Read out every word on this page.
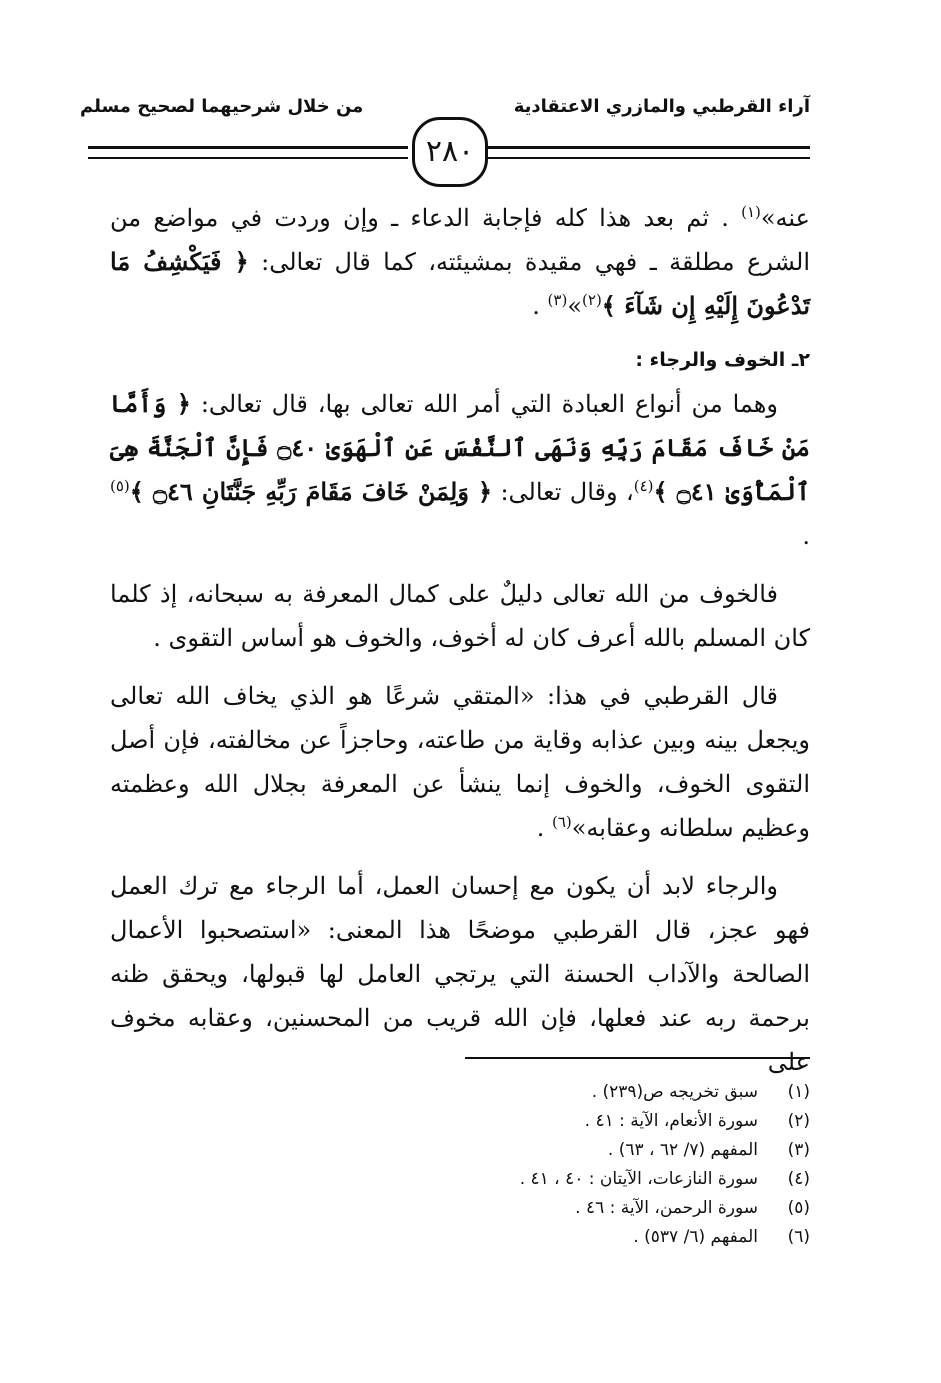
آراء القرطبي والمازري الاعتقادية
من خلال شرحيهما لصحيح مسلم
٢٨٠

عنه»$^{(١)}$ . ثم بعد هذا كله فإجابة الدعاء ـ وإن وردت في مواضع من الشرع مطلقة ـ فهي مقيدة بمشيئته، كما قال تعالى: ﴿ فَيَكْشِفُ مَا تَدْعُونَ إِلَيْهِ إِن شَآءَ ﴾$^{(٢)}$»$^{(٣)}$ .

٢ـ الخوف والرجاء :

وهما من أنواع العبادة التي أمر الله تعالى بها، قال تعالى: ﴿ وَأَمَّا مَنْ خَافَ مَقَامَ رَبِّهِ وَنَهَى ٱلنَّفْسَ عَنِ ٱلْهَوَىٰ ۝٤٠ فَإِنَّ ٱلْجَنَّةَ هِىَ ٱلْمَأْوَىٰ ۝٤١ ﴾$^{(٤)}$، وقال تعالى: ﴿ وَلِمَنْ خَافَ مَقَامَ رَبِّهِ جَنَّتَانِ ۝٤٦ ﴾$^{(٥)}$ .

فالخوف من الله تعالى دليلٌ على كمال المعرفة به سبحانه، إذ كلما كان المسلم بالله أعرف كان له أخوف، والخوف هو أساس التقوى .

قال القرطبي في هذا: «المتقي شرعًا هو الذي يخاف الله تعالى ويجعل بينه وبين عذابه وقاية من طاعته، وحاجزاً عن مخالفته، فإن أصل التقوى الخوف، والخوف إنما ينشأ عن المعرفة بجلال الله وعظمته وعظيم سلطانه وعقابه»$^{(٦)}$ .

والرجاء لابد أن يكون مع إحسان العمل، أما الرجاء مع ترك العمل فهو عجز، قال القرطبي موضحًا هذا المعنى: «استصحبوا الأعمال الصالحة والآداب الحسنة التي يرتجي العامل لها قبولها، ويحقق ظنه برحمة ربه عند فعلها، فإن الله قريب من المحسنين، وعقابه مخوف على

(١)سبق تخريجه ص(٢٣٩) .
(٢)سورة الأنعام، الآية : ٤١ .
(٣)المفهم (٧/ ٦٢ ، ٦٣) .
(٤)سورة النازعات، الآيتان : ٤٠ ، ٤١ .
(٥)سورة الرحمن، الآية : ٤٦ .
(٦)المفهم (٦/ ٥٣٧) .
